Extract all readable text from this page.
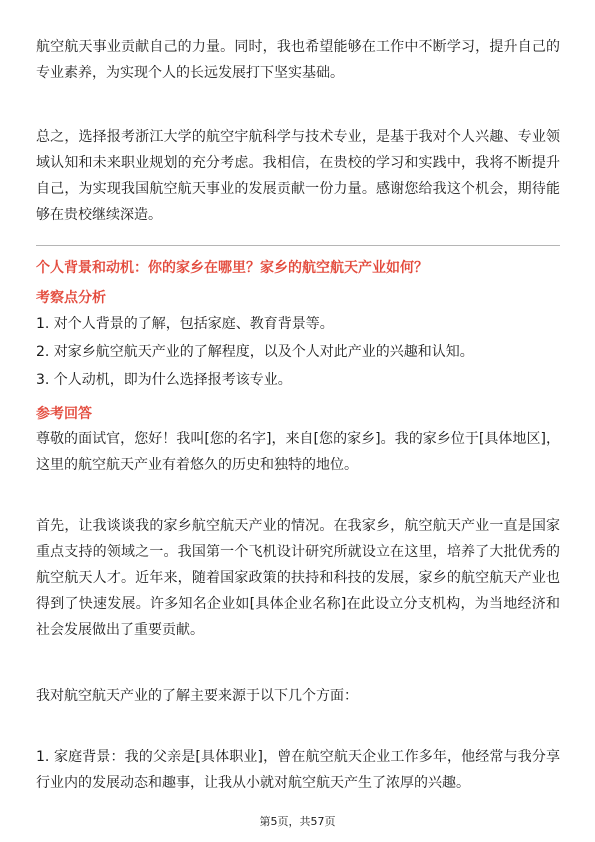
航空航天事业贡献自己的力量。同时，我也希望能够在工作中不断学习，提升自己的专业素养，为实现个人的长远发展打下坚实基础。

总之，选择报考浙江大学的航空宇航科学与技术专业，是基于我对个人兴趣、专业领域认知和未来职业规划的充分考虑。我相信，在贵校的学习和实践中，我将不断提升自己，为实现我国航空航天事业的发展贡献一份力量。感谢您给我这个机会，期待能够在贵校继续深造。

个人背景和动机：你的家乡在哪里？家乡的航空航天产业如何？

考察点分析

1. 对个人背景的了解，包括家庭、教育背景等。

2. 对家乡航空航天产业的了解程度，以及个人对此产业的兴趣和认知。

3. 个人动机，即为什么选择报考该专业。

参考回答

尊敬的面试官，您好！我叫[您的名字]，来自[您的家乡]。我的家乡位于[具体地区]，这里的航空航天产业有着悠久的历史和独特的地位。

首先，让我谈谈我的家乡航空航天产业的情况。在我家乡，航空航天产业一直是国家重点支持的领域之一。我国第一个飞机设计研究所就设立在这里，培养了大批优秀的航空航天人才。近年来，随着国家政策的扶持和科技的发展，家乡的航空航天产业也得到了快速发展。许多知名企业如[具体企业名称]在此设立分支机构，为当地经济和社会发展做出了重要贡献。

我对航空航天产业的了解主要来源于以下几个方面：

1. 家庭背景：我的父亲是[具体职业]，曾在航空航天企业工作多年，他经常与我分享行业内的发展动态和趣事，让我从小就对航空航天产生了浓厚的兴趣。

第5页，共57页
